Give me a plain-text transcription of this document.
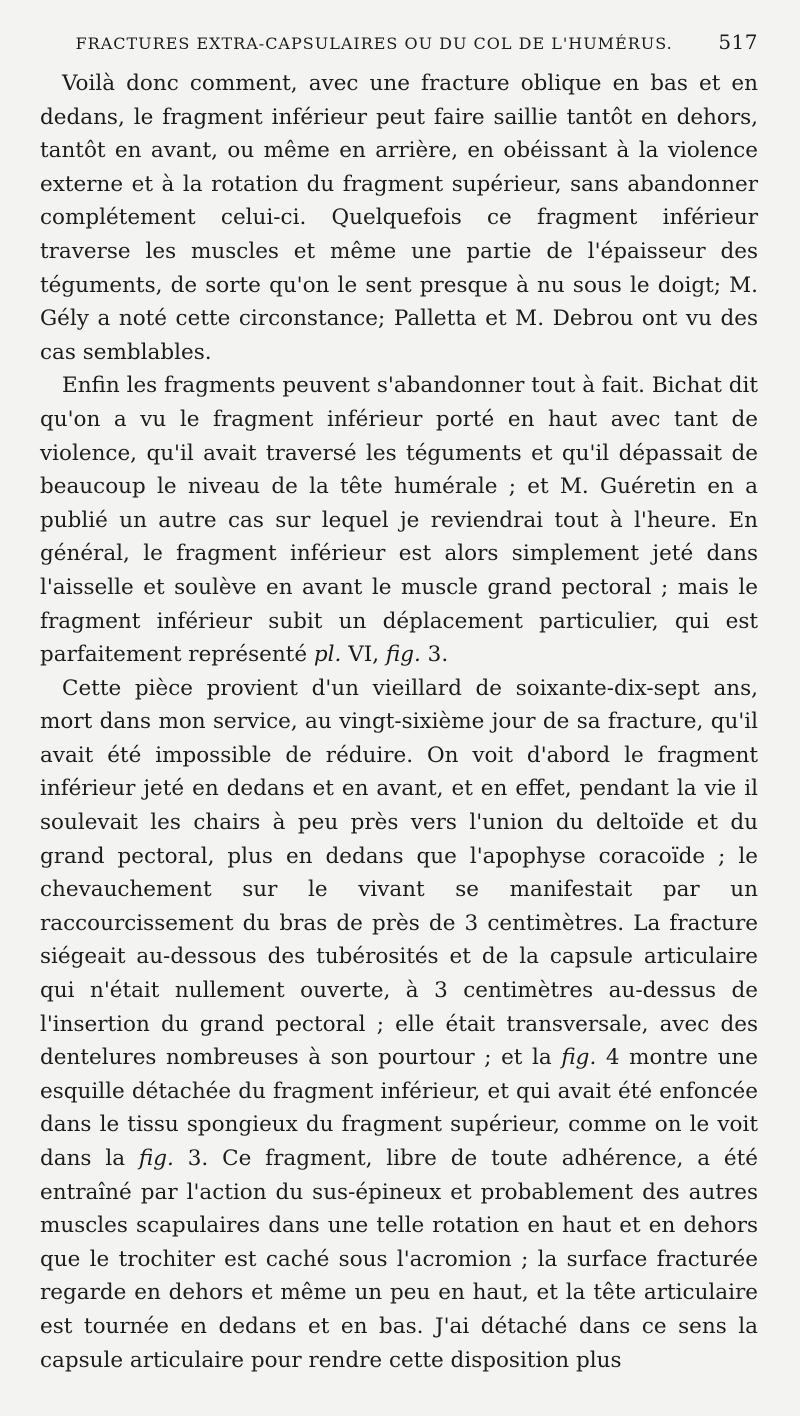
FRACTURES EXTRA-CAPSULAIRES OU DU COL DE L'HUMÉRUS.	517

Voilà donc comment, avec une fracture oblique en bas et en dedans, le fragment inférieur peut faire saillie tantôt en dehors, tantôt en avant, ou même en arrière, en obéissant à la violence externe et à la rotation du fragment supérieur, sans abandonner complétement celui-ci. Quelquefois ce fragment inférieur traverse les muscles et même une partie de l'épaisseur des téguments, de sorte qu'on le sent presque à nu sous le doigt; M. Gély a noté cette circonstance; Palletta et M. Debrou ont vu des cas semblables.

Enfin les fragments peuvent s'abandonner tout à fait. Bichat dit qu'on a vu le fragment inférieur porté en haut avec tant de violence, qu'il avait traversé les téguments et qu'il dépassait de beaucoup le niveau de la tête humérale ; et M. Guéretin en a publié un autre cas sur lequel je reviendrai tout à l'heure. En général, le fragment inférieur est alors simplement jeté dans l'aisselle et soulève en avant le muscle grand pectoral ; mais le fragment inférieur subit un déplacement particulier, qui est parfaitement représenté pl. VI, fig. 3.

Cette pièce provient d'un vieillard de soixante-dix-sept ans, mort dans mon service, au vingt-sixième jour de sa fracture, qu'il avait été impossible de réduire. On voit d'abord le fragment inférieur jeté en dedans et en avant, et en effet, pendant la vie il soulevait les chairs à peu près vers l'union du deltoïde et du grand pectoral, plus en dedans que l'apophyse coracoïde ; le chevauchement sur le vivant se manifestait par un raccourcissement du bras de près de 3 centimètres. La fracture siégeait au-dessous des tubérosités et de la capsule articulaire qui n'était nullement ouverte, à 3 centimètres au-dessus de l'insertion du grand pectoral ; elle était transversale, avec des dentelures nombreuses à son pourtour ; et la fig. 4 montre une esquille détachée du fragment inférieur, et qui avait été enfoncée dans le tissu spongieux du fragment supérieur, comme on le voit dans la fig. 3. Ce fragment, libre de toute adhérence, a été entraîné par l'action du sus-épineux et probablement des autres muscles scapulaires dans une telle rotation en haut et en dehors que le trochiter est caché sous l'acromion ; la surface fracturée regarde en dehors et même un peu en haut, et la tête articulaire est tournée en dedans et en bas. J'ai détaché dans ce sens la capsule articulaire pour rendre cette disposition plus
